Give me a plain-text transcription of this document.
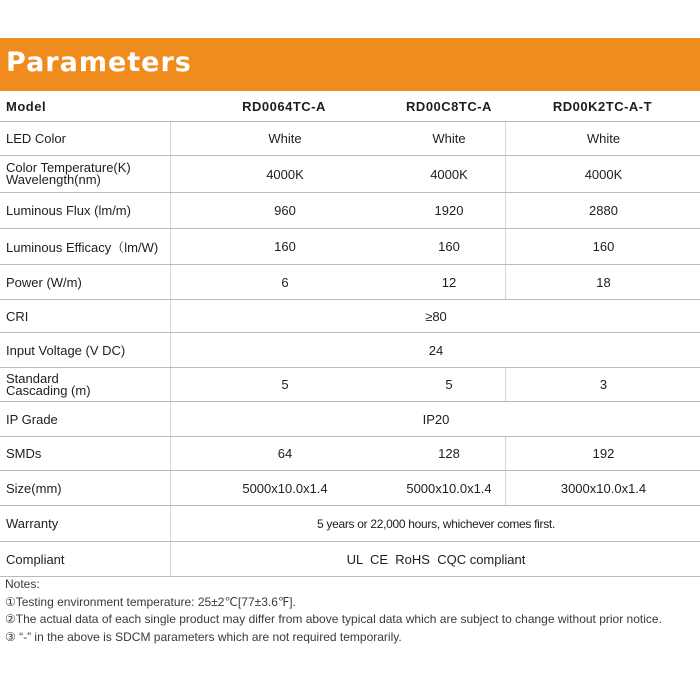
Parameters
Model	RD0064TC-A	RD00C8TC-A	RD00K2TC-A-T
LED Color	White	White	White
Color Temperature(K)
Wavelength(nm)	4000K	4000K	4000K
Luminous Flux (lm/m)	960	1920	2880
Luminous Efficacy（lm/W)	160	160	160
Power (W/m)	6	12	18
CRI	≥80
Input Voltage (V DC)	24
Standard
Cascading (m)	5	5	3
IP Grade	IP20
SMDs	64	128	192
Size(mm)	5000x10.0x1.4	5000x10.0x1.4	3000x10.0x1.4
Warranty	5 years or 22,000 hours, whichever comes first.
Compliant	UL  CE  RoHS  CQC compliant
Notes:
①Testing environment temperature: 25±2℃[77±3.6℉].
②The actual data of each single product may differ from above typical data which are subject to change without prior notice.
③ “-” in the above is SDCM parameters which are not required temporarily.
